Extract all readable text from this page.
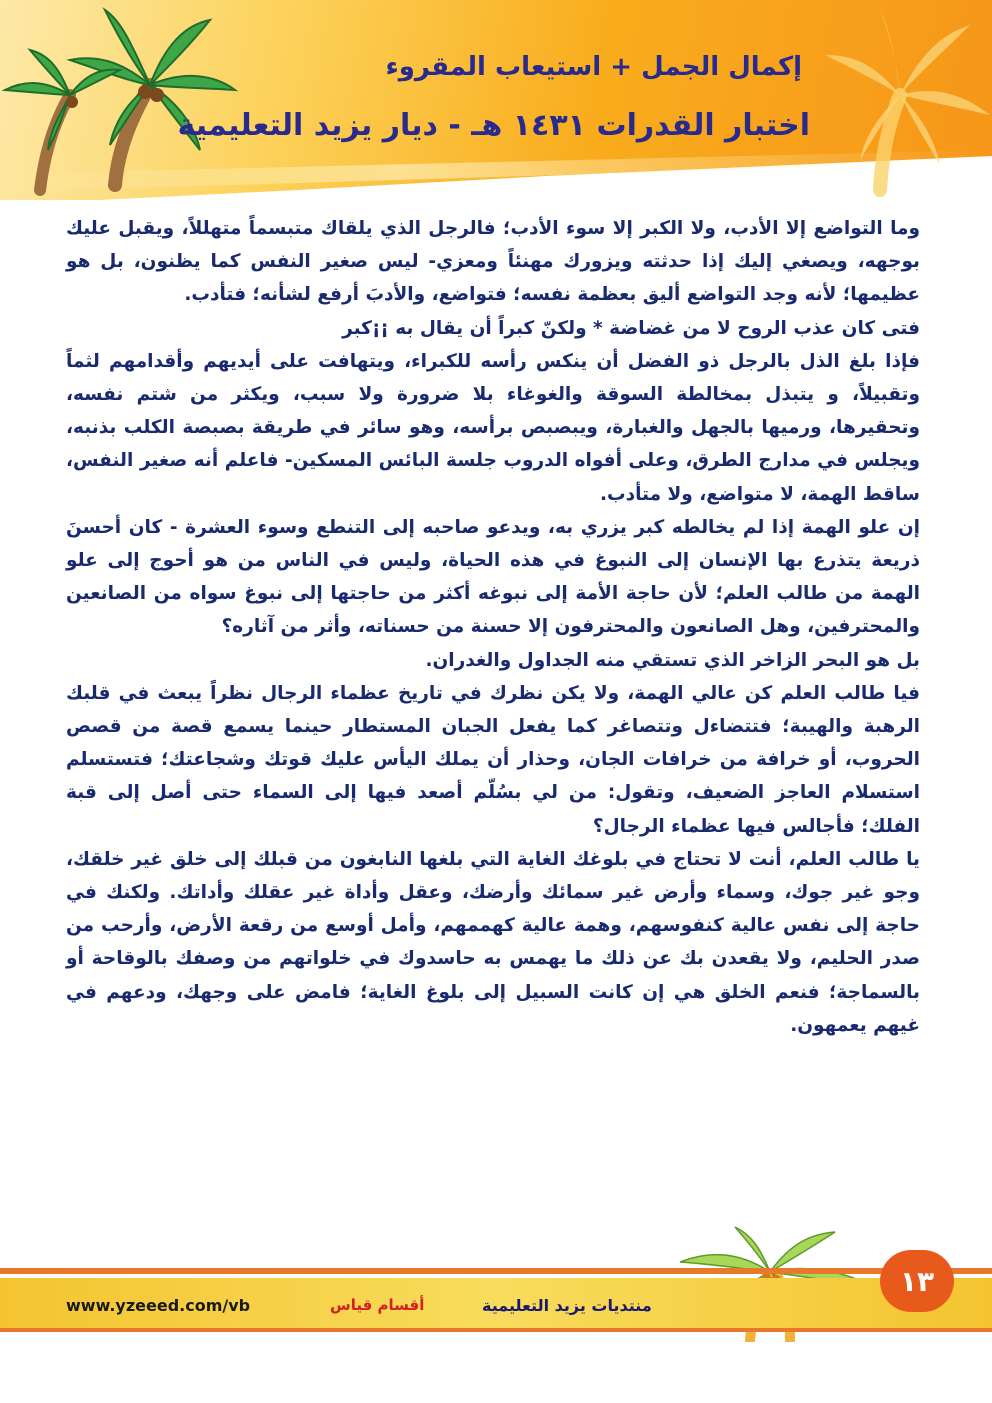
إكمال الجمل + استيعاب المقروء
اختبار القدرات ١٤٣١ هـ - ديار يزيد التعليمية

وما التواضع إلا الأدب، ولا الكبر إلا سوء الأدب؛ فالرجل الذي يلقاك متبسماً متهللاً، ويقبل عليك بوجهه، ويصغي إليك إذا حدثته ويزورك مهنئاً ومعزي- ليس صغير النفس كما يظنون، بل هو عظيمها؛ لأنه وجد التواضع أليق بعظمة نفسه؛ فتواضع، والأدبَ أرفع لشأنه؛ فتأدب.

فتى كان عذب الروح لا من غضاضة * ولكنّ كبراً أن يقال به ¡¡كبر

فإذا بلغ الذل بالرجل ذو الفضل أن ينكس رأسه للكبراء، ويتهافت على أيديهم وأقدامهم لثماً وتقبيلاً، و يتبذل بمخالطة السوقة والغوغاء بلا ضرورة ولا سبب، ويكثر من شتم نفسه، وتحقيرها، ورميها بالجهل والغبارة، ويبصبص برأسه، وهو سائر في طريقة بصبصة الكلب بذنبه، ويجلس في مدارج الطرق، وعلى أفواه الدروب جلسة البائس المسكين- فاعلم أنه صغير النفس، ساقط الهمة، لا متواضع، ولا متأدب.

إن علو الهمة إذا لم يخالطه كبر يزري به، ويدعو صاحبه إلى التنطع وسوء العشرة - كان أحسنَ ذريعة يتذرع بها الإنسان إلى النبوغ في هذه الحياة، وليس في الناس من هو أحوج إلى علو الهمة من طالب العلم؛ لأن حاجة الأمة إلى نبوغه أكثر من حاجتها إلى نبوغ سواه من الصانعين والمحترفين، وهل الصانعون والمحترفون إلا حسنة من حسناته، وأثر من آثاره؟

بل هو البحر الزاخر الذي تستقي منه الجداول والغدران.

فيا طالب العلم كن عالي الهمة، ولا يكن نظرك في تاريخ عظماء الرجال نظراً يبعث في قلبك الرهبة والهيبة؛ فتتضاءل وتتصاغر كما يفعل الجبان المستطار حينما يسمع قصة من قصص الحروب، أو خرافة من خرافات الجان، وحذار أن يملك اليأس عليك قوتك وشجاعتك؛ فتستسلم استسلام العاجز الضعيف، وتقول: من لي بسُلّم أصعد فيها إلى السماء حتى أصل إلى قبة الفلك؛ فأجالس فيها عظماء الرجال؟

يا طالب العلم، أنت لا تحتاج في بلوغك الغاية التي بلغها النابغون من قبلك إلى خلق غير خلقك، وجو غير جوك، وسماء وأرض غير سمائك وأرضك، وعقل وأداة غير عقلك وأداتك. ولكنك في حاجة إلى نفس عالية كنفوسهم، وهمة عالية كهممهم، وأمل أوسع من رقعة الأرض، وأرحب من صدر الحليم، ولا يقعدن بك عن ذلك ما يهمس به حاسدوك في خلواتهم من وصفك بالوقاحة أو بالسماجة؛ فنعم الخلق هي إن كانت السبيل إلى بلوغ الغاية؛ فامض على وجهك، ودعهم في غيهم يعمهون.

١٣
www.yzeeed.com/vb	أقسام قياس	منتديات يزيد التعليمية
